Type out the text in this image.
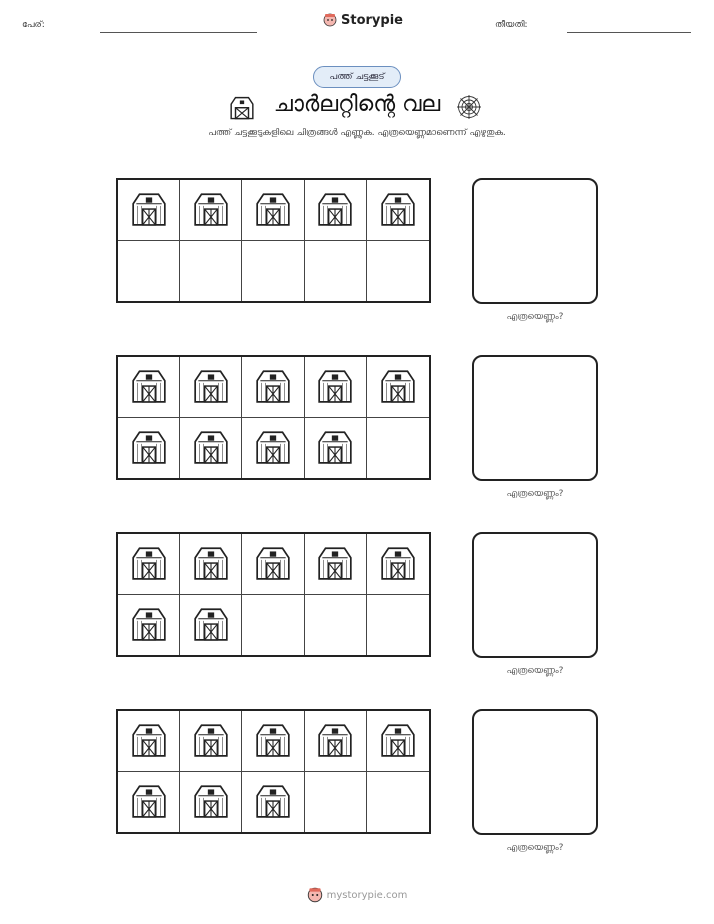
പേര്:	Storypie	തീയതി:
പത്ത് ചട്ടക്കൂട്
ചാർലറ്റിന്റെ വല
പത്ത് ചട്ടക്കൂടുകളിലെ ചിത്രങ്ങൾ എണ്ണുക. എത്രയെണ്ണമാണെന്ന് എഴുതുക.
എത്രയെണ്ണം?
എത്രയെണ്ണം?
എത്രയെണ്ണം?
എത്രയെണ്ണം?
mystorypie.com
